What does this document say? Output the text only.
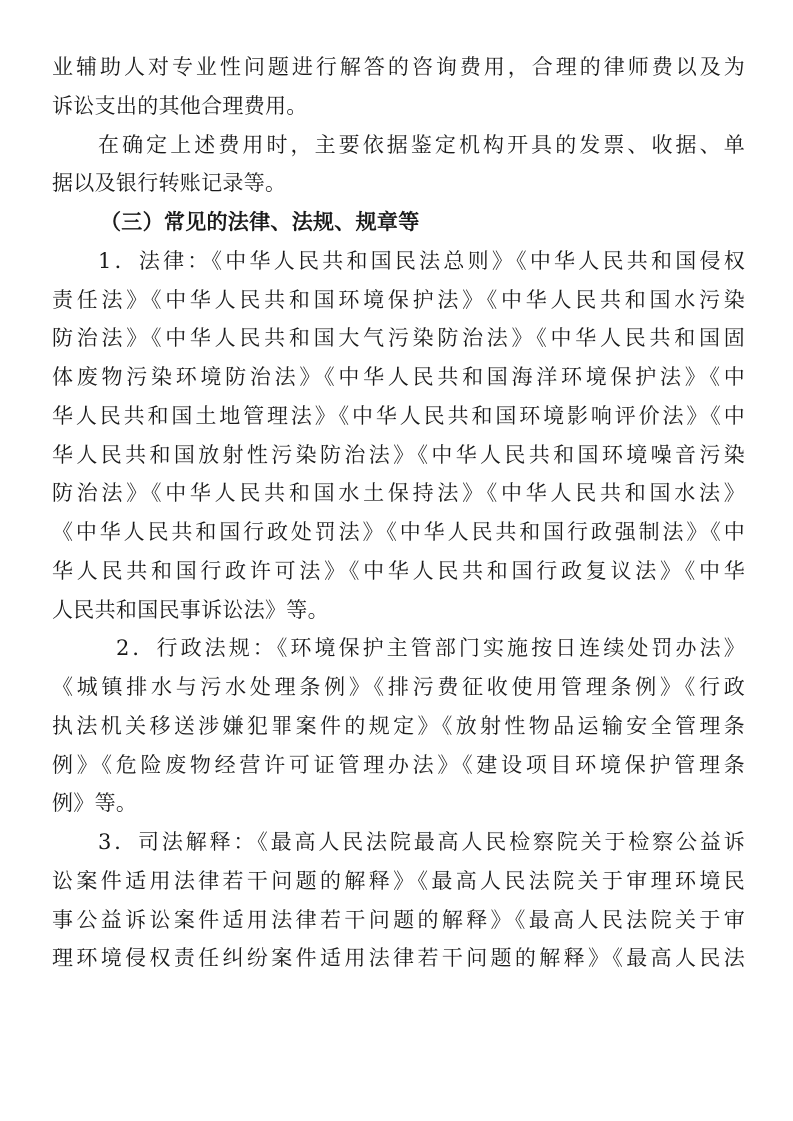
业辅助人对专业性问题进行解答的咨询费用，合理的律师费以及为
诉讼支出的其他合理费用。
在确定上述费用时，主要依据鉴定机构开具的发票、收据、单
据以及银行转账记录等。
（三）常见的法律、法规、规章等
1．法律：《中华人民共和国民法总则》《中华人民共和国侵权
责任法》《中华人民共和国环境保护法》《中华人民共和国水污染
防治法》《中华人民共和国大气污染防治法》《中华人民共和国固
体废物污染环境防治法》《中华人民共和国海洋环境保护法》《中
华人民共和国土地管理法》《中华人民共和国环境影响评价法》《中
华人民共和国放射性污染防治法》《中华人民共和国环境噪音污染
防治法》《中华人民共和国水土保持法》《中华人民共和国水法》
《中华人民共和国行政处罚法》《中华人民共和国行政强制法》《中
华人民共和国行政许可法》《中华人民共和国行政复议法》《中华
人民共和国民事诉讼法》等。
2．行政法规：《环境保护主管部门实施按日连续处罚办法》
《城镇排水与污水处理条例》《排污费征收使用管理条例》《行政
执法机关移送涉嫌犯罪案件的规定》《放射性物品运输安全管理条
例》《危险废物经营许可证管理办法》《建设项目环境保护管理条
例》等。
3．司法解释：《最高人民法院最高人民检察院关于检察公益诉
讼案件适用法律若干问题的解释》《最高人民法院关于审理环境民
事公益诉讼案件适用法律若干问题的解释》《最高人民法院关于审
理环境侵权责任纠纷案件适用法律若干问题的解释》《最高人民法
